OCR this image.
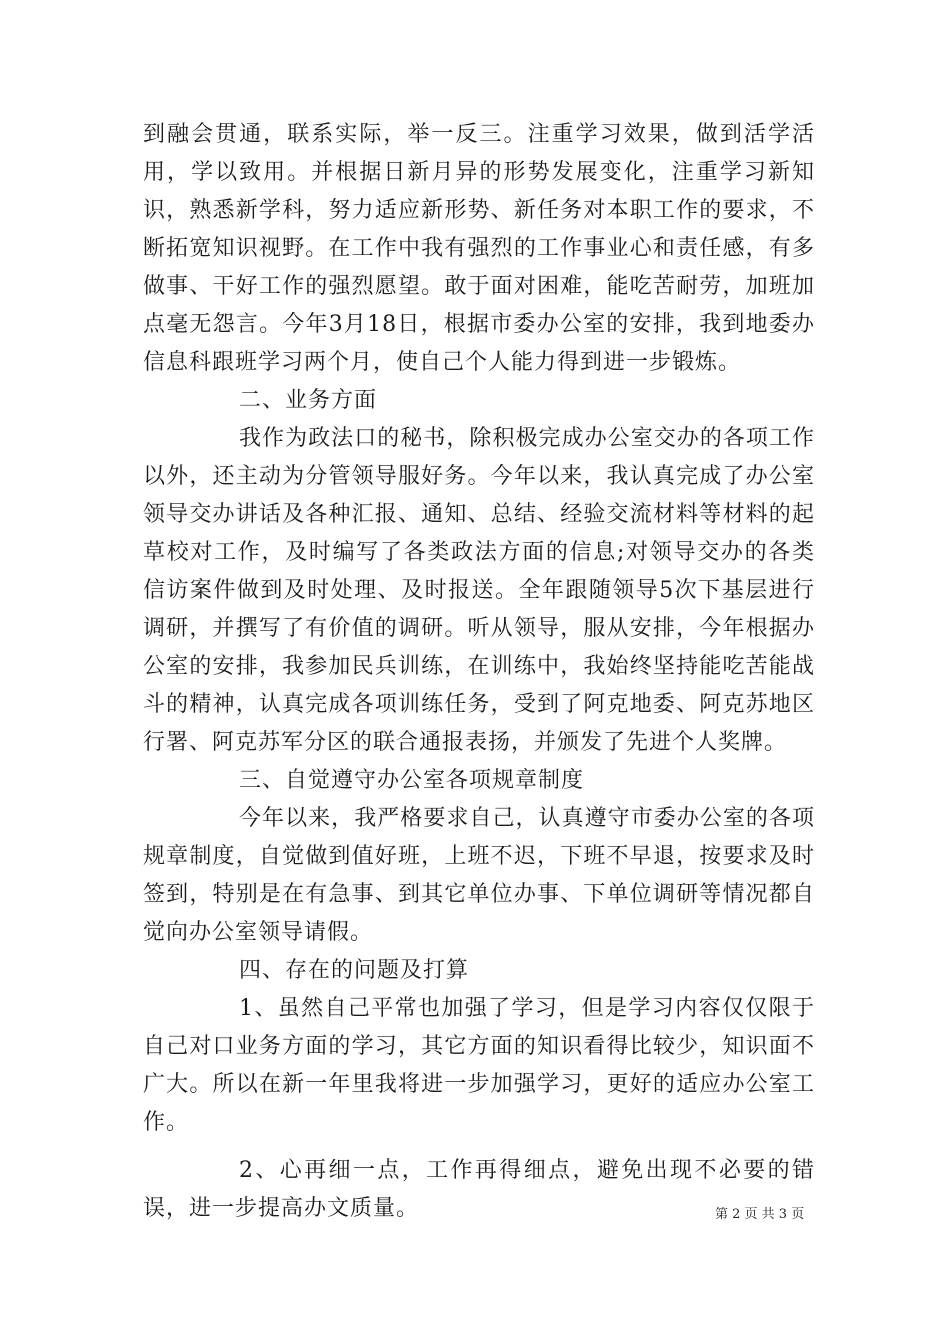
到融会贯通，联系实际，举一反三。注重学习效果，做到活学活用，学以致用。并根据日新月异的形势发展变化，注重学习新知识，熟悉新学科，努力适应新形势、新任务对本职工作的要求，不断拓宽知识视野。在工作中我有强烈的工作事业心和责任感，有多做事、干好工作的强烈愿望。敢于面对困难，能吃苦耐劳，加班加点毫无怨言。今年3月18日，根据市委办公室的安排，我到地委办信息科跟班学习两个月，使自己个人能力得到进一步锻炼。

二、业务方面

我作为政法口的秘书，除积极完成办公室交办的各项工作以外，还主动为分管领导服好务。今年以来，我认真完成了办公室领导交办讲话及各种汇报、通知、总结、经验交流材料等材料的起草校对工作，及时编写了各类政法方面的信息;对领导交办的各类信访案件做到及时处理、及时报送。全年跟随领导5次下基层进行调研，并撰写了有价值的调研。听从领导，服从安排，今年根据办公室的安排，我参加民兵训练，在训练中，我始终坚持能吃苦能战斗的精神，认真完成各项训练任务，受到了阿克地委、阿克苏地区行署、阿克苏军分区的联合通报表扬，并颁发了先进个人奖牌。

三、自觉遵守办公室各项规章制度

今年以来，我严格要求自己，认真遵守市委办公室的各项规章制度，自觉做到值好班，上班不迟，下班不早退，按要求及时签到，特别是在有急事、到其它单位办事、下单位调研等情况都自觉向办公室领导请假。

四、存在的问题及打算

1、虽然自己平常也加强了学习，但是学习内容仅仅限于自己对口业务方面的学习，其它方面的知识看得比较少，知识面不广大。所以在新一年里我将进一步加强学习，更好的适应办公室工作。

2、心再细一点，工作再得细点，避免出现不必要的错误，进一步提高办文质量。	第 2 页 共 3 页
